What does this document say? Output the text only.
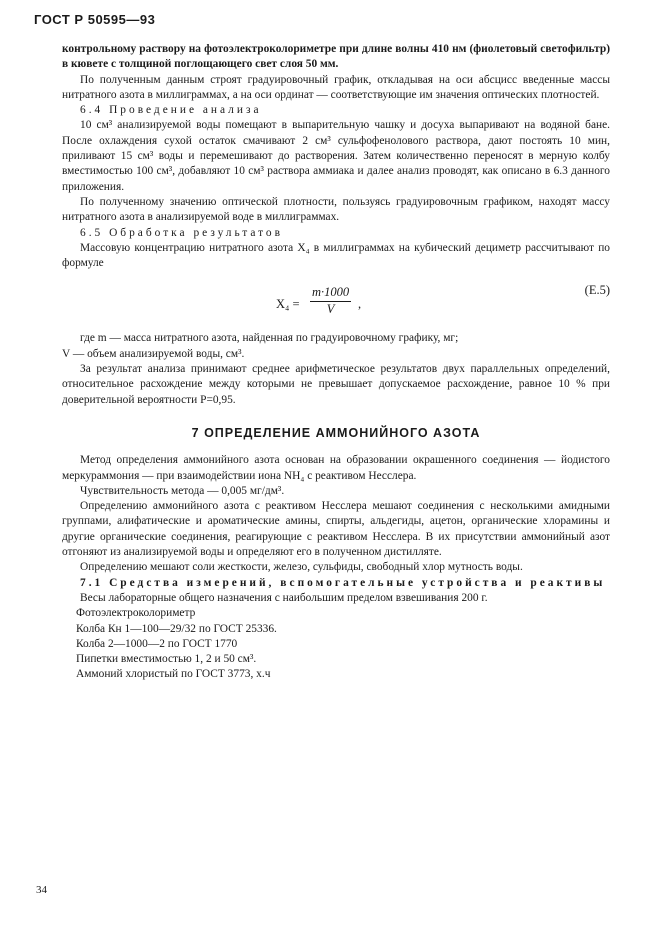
ГОСТ Р 50595—93

контрольному раствору на фотоэлектроколориметре при длине волны 410 нм (фиолетовый светофильтр) в кювете с толщиной поглощающего свет слоя 50 мм.

По полученным данным строят градуировочный график, откладывая на оси абсцисс введенные массы нитратного азота в миллиграммах, а на оси ординат — соответствующие им значения оптических плотностей.

6.4 Проведение анализа

10 см³ анализируемой воды помещают в выпарительную чашку и досуха выпаривают на водяной бане. После охлаждения сухой остаток смачивают 2 см³ сульфофенолового раствора, дают постоять 10 мин, приливают 15 см³ воды и перемешивают до растворения. Затем количественно переносят в мерную колбу вместимостью 100 см³, добавляют 10 см³ раствора аммиака и далее анализ проводят, как описано в 6.3 данного приложения.

По полученному значению оптической плотности, пользуясь градуировочным графиком, находят массу нитратного азота в анализируемой воде в миллиграммах.

6.5 Обработка результатов

Массовую концентрацию нитратного азота X₄ в миллиграммах на кубический дециметр рассчитывают по формуле

$X_4 = \frac{m\cdot 1000}{V}$ ,
(Е.5)

где m — масса нитратного азота, найденная по градуировочному графику, мг;

V — объем анализируемой воды, см³.

За результат анализа принимают среднее арифметическое результатов двух параллельных определений, относительное расхождение между которыми не превышает допускаемое расхождение, равное 10 % при доверительной вероятности P=0,95.

7 ОПРЕДЕЛЕНИЕ АММОНИЙНОГО АЗОТА

Метод определения аммонийного азота основан на образовании окрашенного соединения — йодистого меркураммония — при взаимодействии иона NH₄ с реактивом Несслера.

Чувствительность метода — 0,005 мг/дм³.

Определению аммонийного азота с реактивом Несслера мешают соединения с несколькими амидными группами, алифатические и ароматические амины, спирты, альдегиды, ацетон, органические хлорамины и другие органические соединения, реагирующие с реактивом Несслера. В их присутствии аммонийный азот отгоняют из анализируемой воды и определяют его в полученном дистилляте.

Определению мешают соли жесткости, железо, сульфиды, свободный хлор мутность воды.

7.1 Средства измерений, вспомогательные устройства и реактивы

Весы лабораторные общего назначения с наибольшим пределом взвешивания 200 г.

Фотоэлектроколориметр

Колба Кн 1—100—29/32 по ГОСТ 25336.

Колба 2—1000—2 по ГОСТ 1770

Пипетки вместимостью 1, 2 и 50 см³.

Аммоний хлористый по ГОСТ 3773, х.ч

34
